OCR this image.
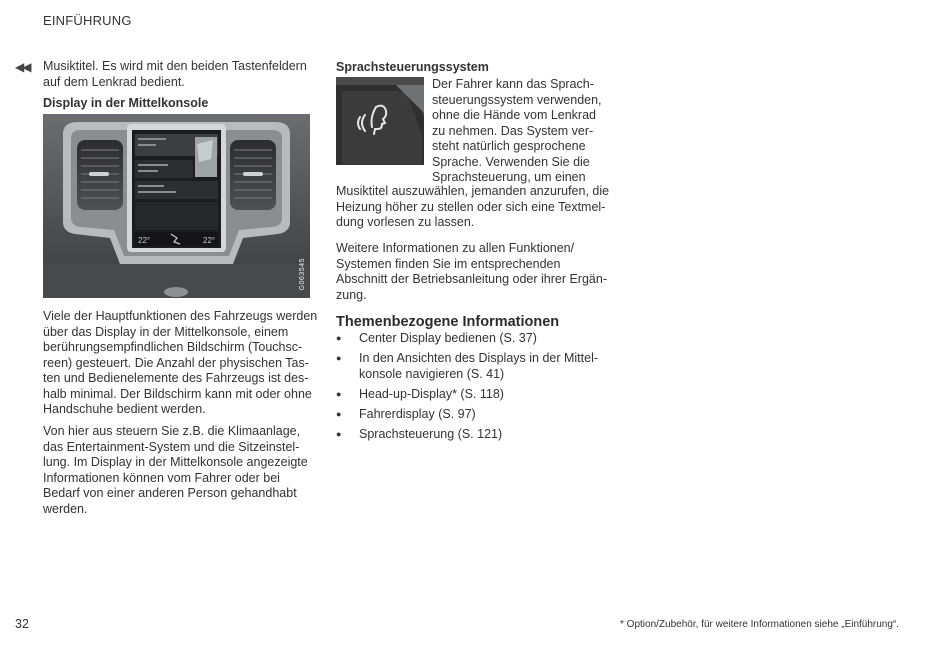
EINFÜHRUNG
◀◀ Musiktitel. Es wird mit den beiden Tastenfeldern
auf dem Lenkrad bedient.
Display in der Mittelkonsole
22°	22°
G063545
Viele der Hauptfunktionen des Fahrzeugs werden
über das Display in der Mittelkonsole, einem
berührungsempfindlichen Bildschirm (Touchsc-
reen) gesteuert. Die Anzahl der physischen Tas-
ten und Bedienelemente des Fahrzeugs ist des-
halb minimal. Der Bildschirm kann mit oder ohne
Handschuhe bedient werden.
Von hier aus steuern Sie z.B. die Klimaanlage,
das Entertainment-System und die Sitzeinstel-
lung. Im Display in der Mittelkonsole angezeigte
Informationen können vom Fahrer oder bei
Bedarf von einer anderen Person gehandhabt
werden.
Sprachsteuerungssystem
Der Fahrer kann das Sprach-
steuerungssystem verwenden,
ohne die Hände vom Lenkrad
zu nehmen. Das System ver-
steht natürlich gesprochene
Sprache. Verwenden Sie die
Sprachsteuerung, um einen
Musiktitel auszuwählen, jemanden anzurufen, die
Heizung höher zu stellen oder sich eine Textmel-
dung vorlesen zu lassen.
Weitere Informationen zu allen Funktionen/
Systemen finden Sie im entsprechenden
Abschnitt der Betriebsanleitung oder ihrer Ergän-
zung.
Themenbezogene Informationen
● Center Display bedienen (S. 37)
● In den Ansichten des Displays in der Mittel-
konsole navigieren (S. 41)
● Head-up-Display* (S. 118)
● Fahrerdisplay (S. 97)
● Sprachsteuerung (S. 121)
32	* Option/Zubehör, für weitere Informationen siehe „Einführung“.
